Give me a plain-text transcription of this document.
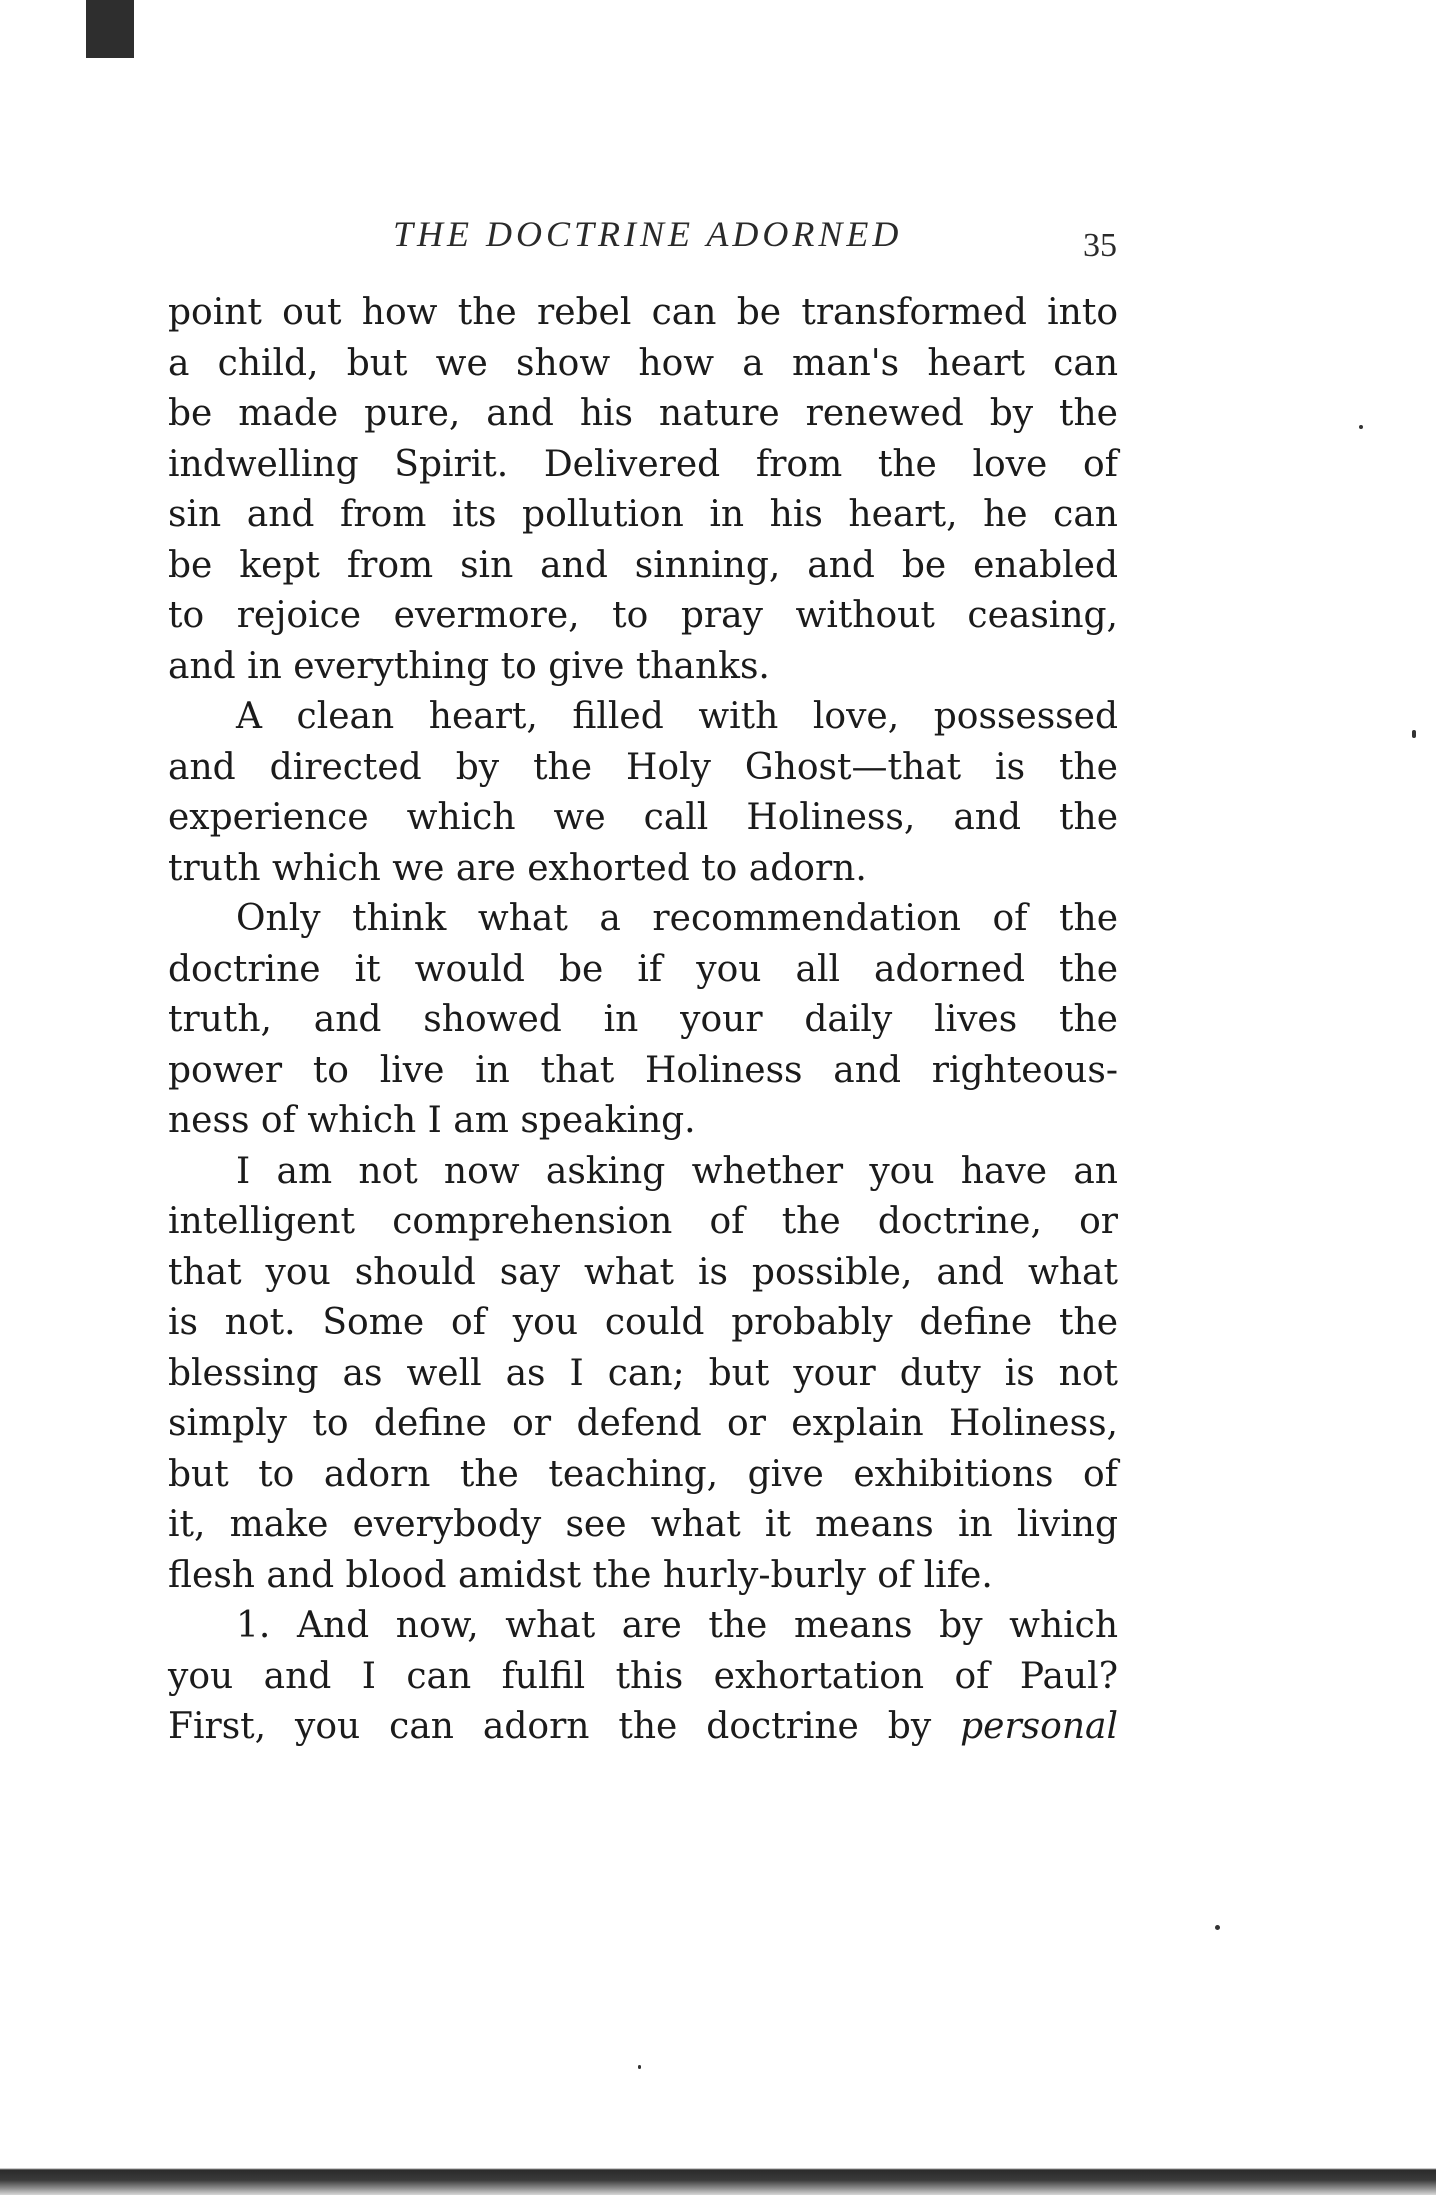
THE DOCTRINE ADORNED	35
point out how the rebel can be transformed into
a child, but we show how a man's heart can
be made pure, and his nature renewed by the
indwelling Spirit. Delivered from the love of
sin and from its pollution in his heart, he can
be kept from sin and sinning, and be enabled
to rejoice evermore, to pray without ceasing,
and in everything to give thanks.
A clean heart, filled with love, possessed
and directed by the Holy Ghost—that is the
experience which we call Holiness, and the
truth which we are exhorted to adorn.
Only think what a recommendation of the
doctrine it would be if you all adorned the
truth, and showed in your daily lives the
power to live in that Holiness and righteous-
ness of which I am speaking.
I am not now asking whether you have an
intelligent comprehension of the doctrine, or
that you should say what is possible, and what
is not. Some of you could probably define the
blessing as well as I can; but your duty is not
simply to define or defend or explain Holiness,
but to adorn the teaching, give exhibitions of
it, make everybody see what it means in living
flesh and blood amidst the hurly-burly of life.
1. And now, what are the means by which
you and I can fulfil this exhortation of Paul?
First, you can adorn the doctrine by personal
